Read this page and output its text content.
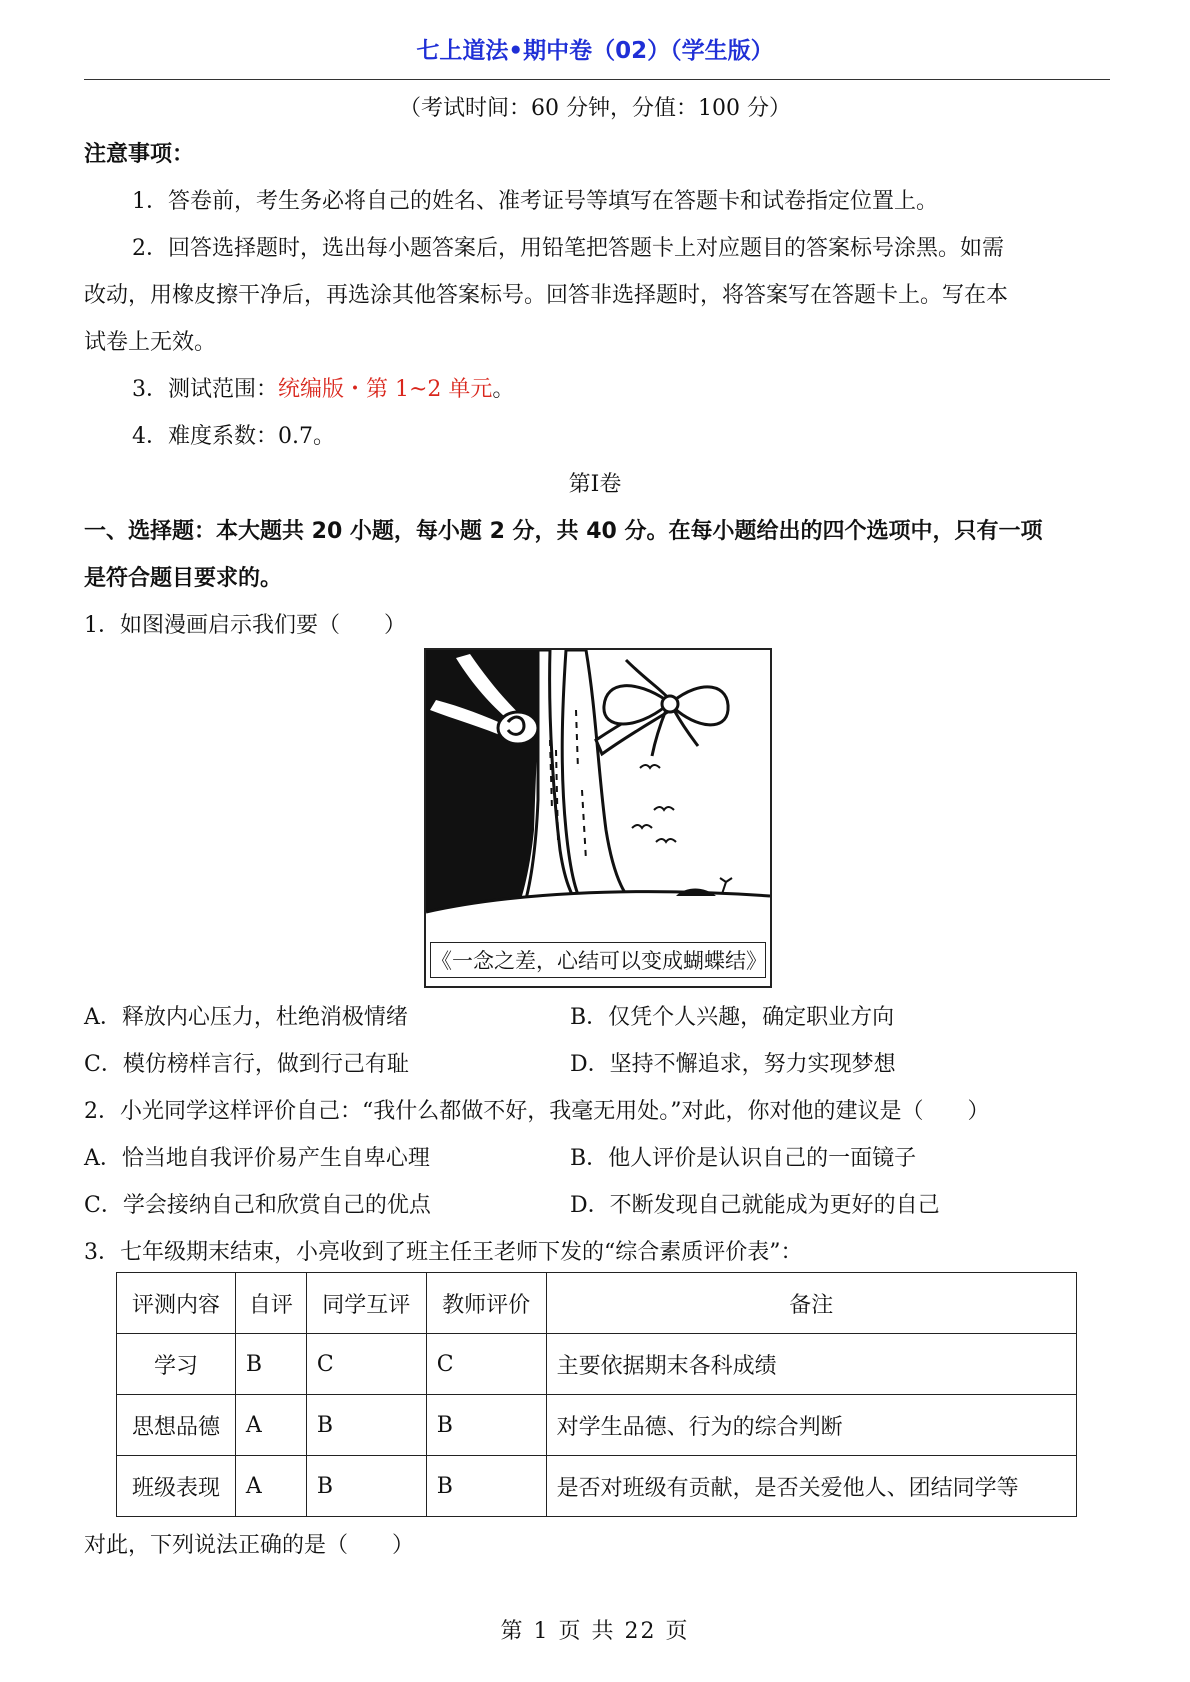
七上道法•期中卷（02）（学生版）
（考试时间：60 分钟，分值：100 分）
注意事项：
1．答卷前，考生务必将自己的姓名、准考证号等填写在答题卡和试卷指定位置上。
2．回答选择题时，选出每小题答案后，用铅笔把答题卡上对应题目的答案标号涂黑。如需
改动，用橡皮擦干净后，再选涂其他答案标号。回答非选择题时，将答案写在答题卡上。写在本
试卷上无效。
3．测试范围：统编版・第 1~2 单元。
4．难度系数：0.7。
第Ⅰ卷
一、选择题：本大题共 20 小题，每小题 2 分，共 40 分。在每小题给出的四个选项中，只有一项
是符合题目要求的。
1．如图漫画启示我们要（　　）
《一念之差，心结可以变成蝴蝶结》
A．释放内心压力，杜绝消极情绪	B．仅凭个人兴趣，确定职业方向
C．模仿榜样言行，做到行己有耻	D．坚持不懈追求，努力实现梦想
2．小光同学这样评价自己：“我什么都做不好，我毫无用处。”对此，你对他的建议是（　　）
A．恰当地自我评价易产生自卑心理	B．他人评价是认识自己的一面镜子
C．学会接纳自己和欣赏自己的优点	D．不断发现自己就能成为更好的自己
3．七年级期末结束，小亮收到了班主任王老师下发的“综合素质评价表”：
评测内容	自评	同学互评	教师评价	备注
学习	B	C	C	主要依据期末各科成绩
思想品德	A	B	B	对学生品德、行为的综合判断
班级表现	A	B	B	是否对班级有贡献，是否关爱他人、团结同学等
对此，下列说法正确的是（　　）
第 1 页 共 22 页
